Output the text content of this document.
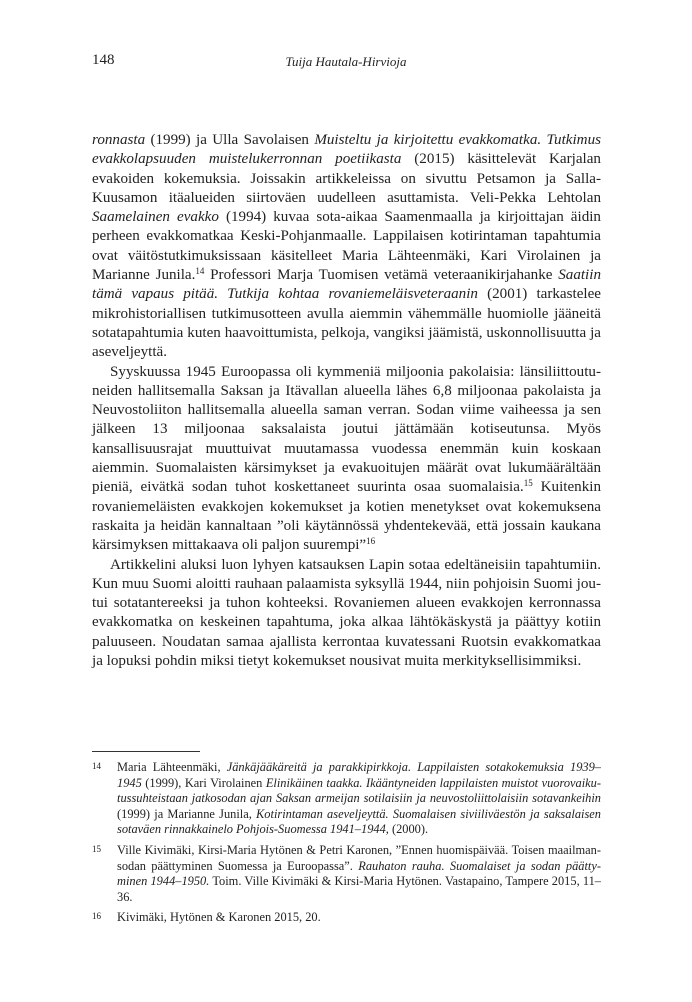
148	Tuija Hautala-Hirvioja

ronnasta (1999) ja Ulla Savolaisen Muisteltu ja kirjoitettu evakkomatka. Tutkimus evakkolapsuuden muistelukerronnan poetiikasta (2015) käsittelevät Karjalan evakoiden kokemuksia. Joissakin artikkeleissa on sivuttu Petsamon ja Salla-Kuusamon itäalueiden siirtoväen uudelleen asuttamista. Veli-Pekka Lehtolan Saamelainen evakko (1994) kuvaa sota-aikaa Saamenmaalla ja kirjoittajan äidin perheen evakkomatkaa Keski-Pohjanmaalle. Lappilaisen kotirintaman tapahtumia ovat väitöstutkimuksissaan käsitelleet Maria Lähteenmäki, Kari Virolainen ja Marianne Junila.$^{14}$ Professori Marja Tuomisen vetämä veteraanikirjahanke Saatiin tämä vapaus pitää. Tutkija kohtaa rovaniemeläisveteraanin (2001) tarkastelee mikrohistoriallisen tutkimusotteen avulla aiemmin vähemmälle huomiolle jääneitä sotatapahtumia kuten haavoittumista, pelkoja, vangiksi jäämistä, uskonnollisuutta ja aseveljeyttä.

Syyskuussa 1945 Euroopassa oli kymmeniä miljoonia pakolaisia: länsiliittoutuneiden hallitsemalla Saksan ja Itävallan alueella lähes 6,8 miljoonaa pakolaista ja Neuvostoliiton hallitsemalla alueella saman verran. Sodan viime vaiheessa ja sen jälkeen 13 miljoonaa saksalaista joutui jättämään kotiseutunsa. Myös kansallisuusrajat muuttuivat muutamassa vuodessa enemmän kuin koskaan aiemmin. Suomalaisten kärsimykset ja evakuoitujen määrät ovat lukumäärältään pieniä, eivätkä sodan tuhot koskettaneet suurinta osaa suomalaisia.$^{15}$ Kuitenkin rovaniemeläisten evakkojen kokemukset ja kotien menetykset ovat kokemuksena raskaita ja heidän kannaltaan ”oli käytännössä yhdentekevää, että jossain kaukana kärsimyksen mittakaava oli paljon suurempi”$^{16}$

Artikkelini aluksi luon lyhyen katsauksen Lapin sotaa edeltäneisiin tapahtumiin. Kun muu Suomi aloitti rauhaan palaamista syksyllä 1944, niin pohjoisin Suomi joutui sotatantereeksi ja tuhon kohteeksi. Rovaniemen alueen evakkojen kerronnassa evakkomatka on keskeinen tapahtuma, joka alkaa lähtökäskystä ja päättyy kotiin paluuseen. Noudatan samaa ajallista kerrontaa kuvatessani Ruotsin evakkomatkaa ja lopuksi pohdin miksi tietyt kokemukset nousivat muita merkityksellisimmiksi.

14	Maria Lähteenmäki, Jänkäjääkäreitä ja parakkipirkkoja. Lappilaisten sotakokemuksia 1939–1945 (1999), Kari Virolainen Elinikäinen taakka. Ikääntyneiden lappilaisten muistot vuorovaikutussuhteistaan jatkosodan ajan Saksan armeijan sotilaisiin ja neuvostoliittolaisiin sotavankeihin (1999) ja Marianne Junila, Kotirintaman aseveljeyttä. Suomalaisen siviiliväestön ja saksalaisen sotaväen rinnakkainelo Pohjois-Suomessa 1941–1944, (2000).
15	Ville Kivimäki, Kirsi-Maria Hytönen & Petri Karonen, ”Ennen huomispäivää. Toisen maailmansodan päättyminen Suomessa ja Euroopassa”. Rauhaton rauha. Suomalaiset ja sodan päättyminen 1944–1950. Toim. Ville Kivimäki & Kirsi-Maria Hytönen. Vastapaino, Tampere 2015, 11–36.
16	Kivimäki, Hytönen & Karonen 2015, 20.
